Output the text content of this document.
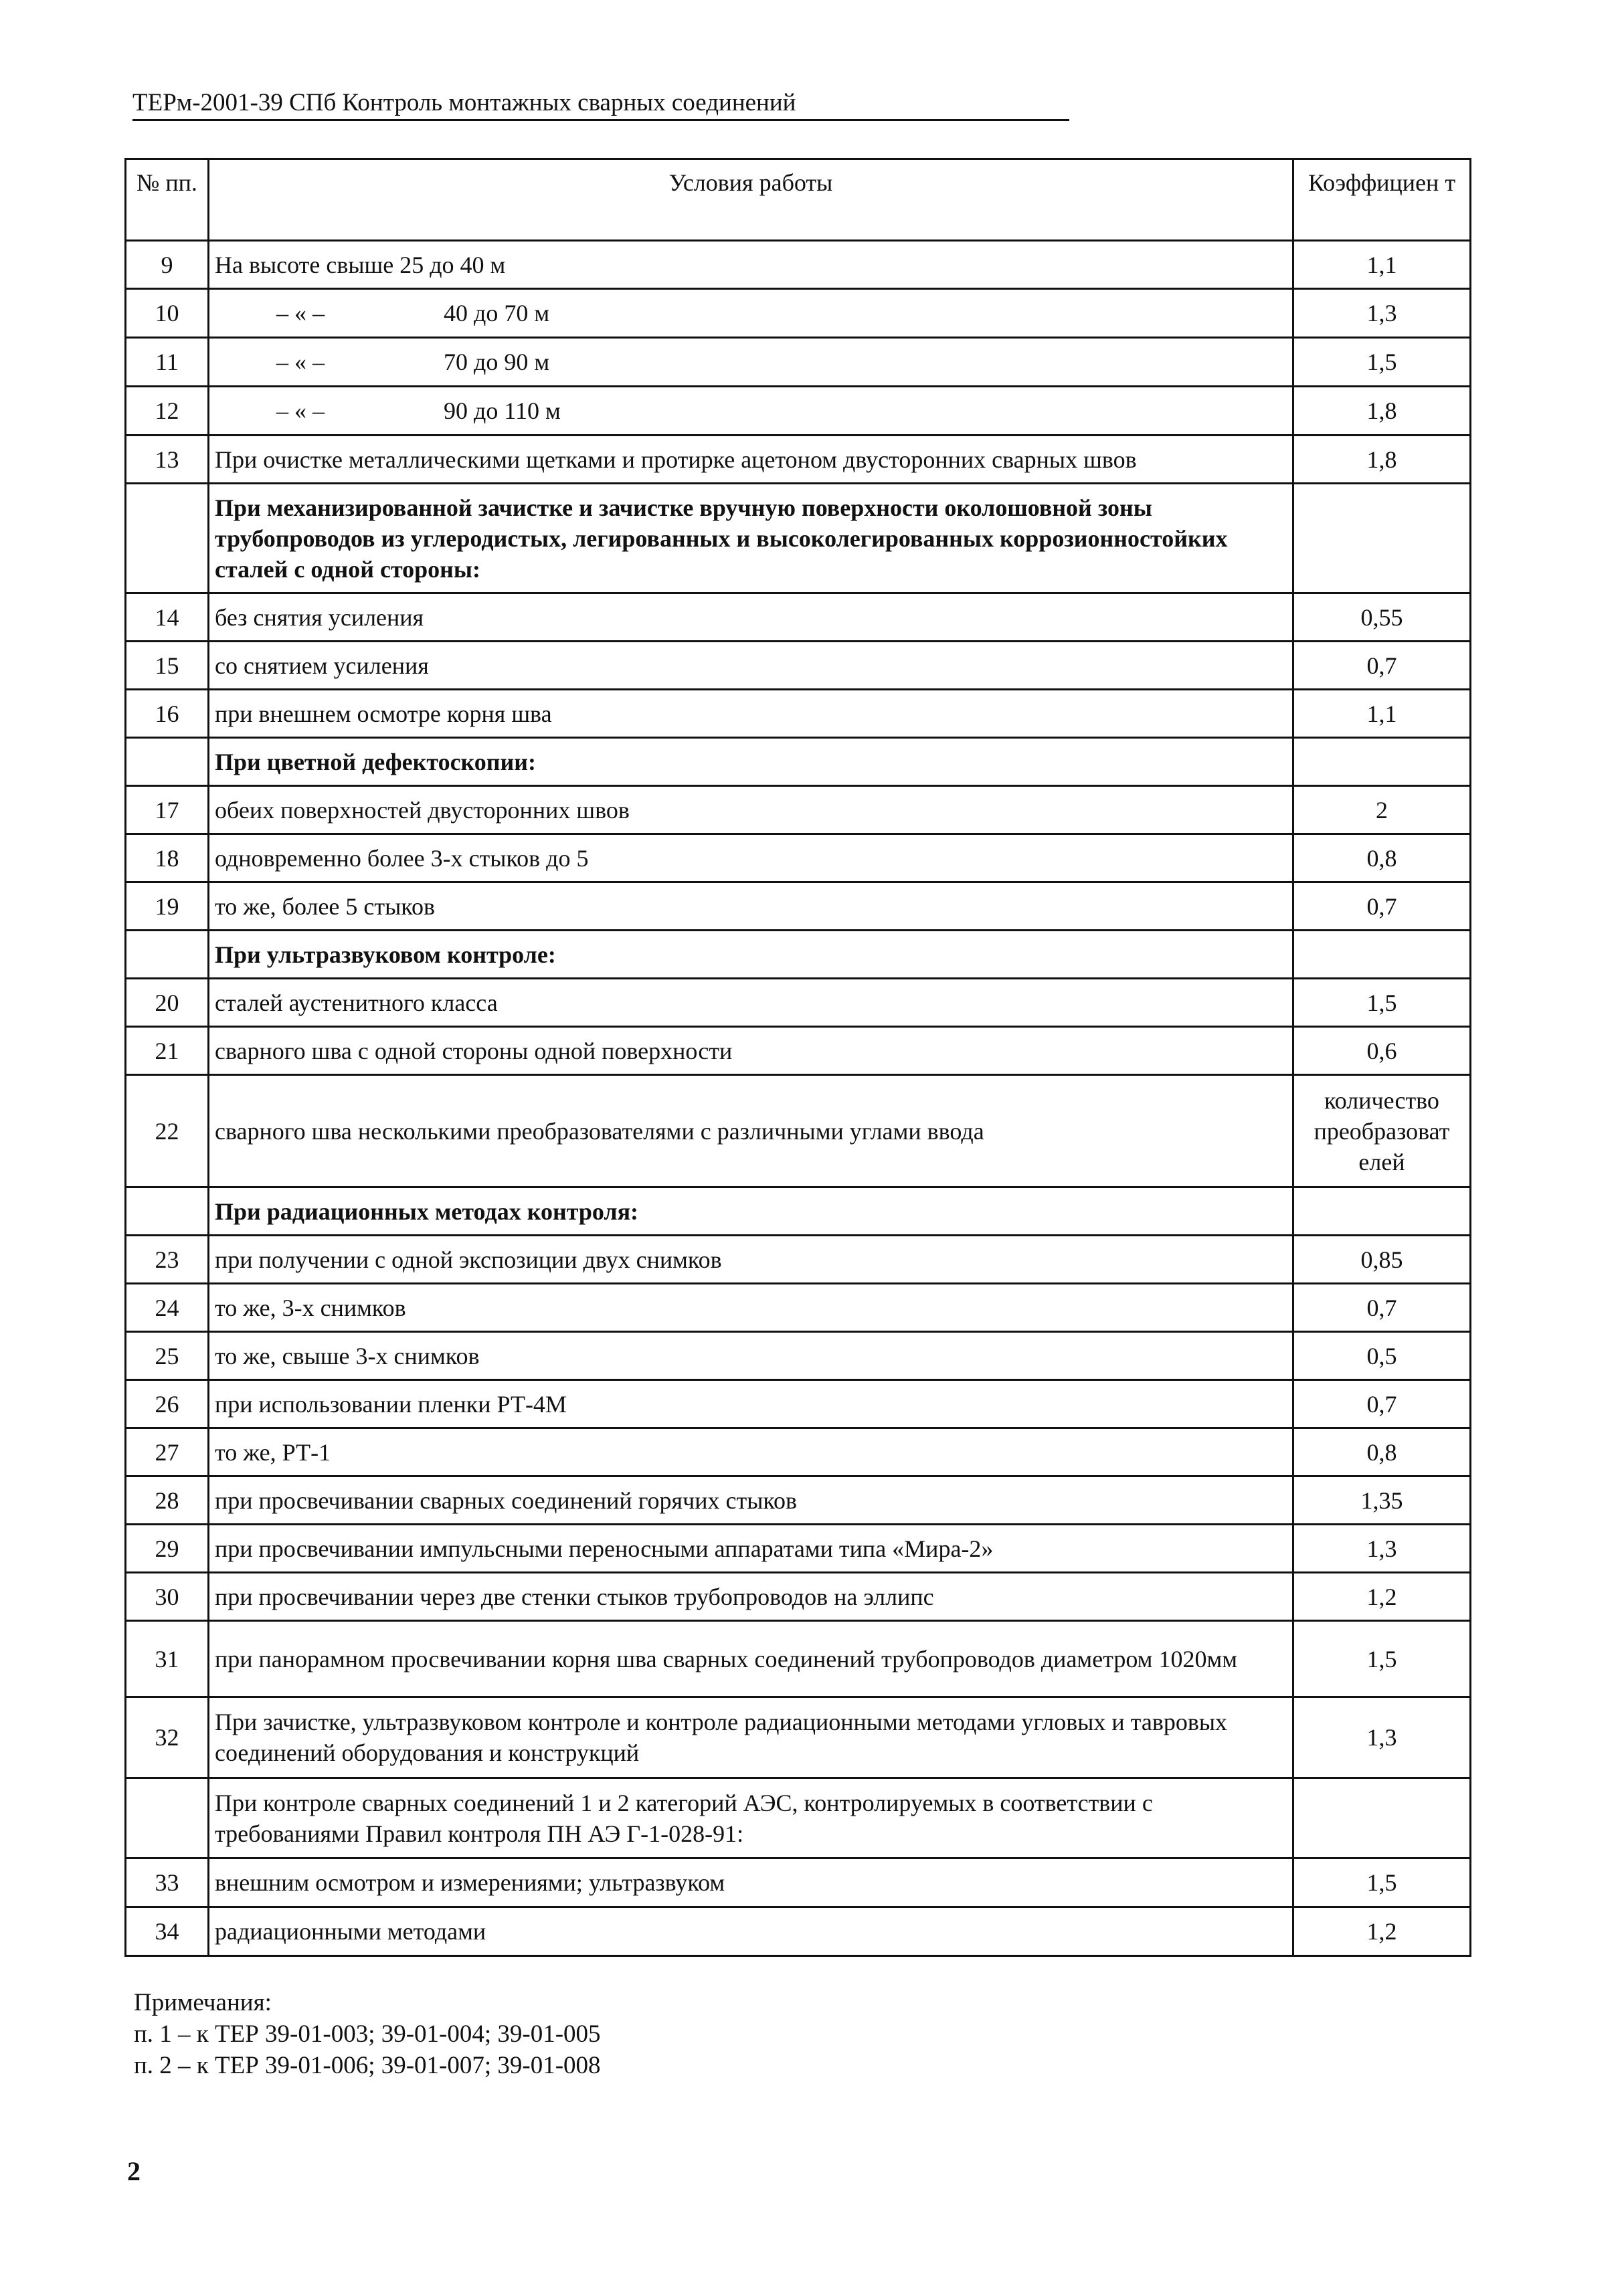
ТЕРм-2001-39 СПб Контроль монтажных сварных соединений
№ пп.	Условия работы	Коэффициен т
9	На высоте свыше 25 до 40 м	1,1
10	– « – 40 до 70 м	1,3
11	– « – 70 до 90 м	1,5
12	– « – 90 до 110 м	1,8
13	При очистке металлическими щетками и протирке ацетоном двусторонних сварных швов	1,8
	При механизированной зачистке и зачистке вручную поверхности околошовной зоны трубопроводов из углеродистых, легированных и высоколегированных коррозионностойких сталей с одной стороны:	
14	без снятия усиления	0,55
15	со снятием усиления	0,7
16	при внешнем осмотре корня шва	1,1
	При цветной дефектоскопии:	
17	обеих поверхностей двусторонних швов	2
18	одновременно более 3-х стыков до 5	0,8
19	то же, более 5 стыков	0,7
	При ультразвуковом контроле:	
20	сталей аустенитного класса	1,5
21	сварного шва с одной стороны одной поверхности	0,6
22	сварного шва несколькими преобразователями с различными углами ввода	количество преобразоват елей
	При радиационных методах контроля:	
23	при получении с одной экспозиции двух снимков	0,85
24	то же, 3-х снимков	0,7
25	то же, свыше 3-х снимков	0,5
26	при использовании пленки РТ-4М	0,7
27	то же, РТ-1	0,8
28	при просвечивании сварных соединений горячих стыков	1,35
29	при просвечивании импульсными переносными аппаратами типа «Мира-2»	1,3
30	при просвечивании через две стенки стыков трубопроводов на эллипс	1,2
31	при панорамном просвечивании корня шва сварных соединений трубопроводов диаметром 1020мм	1,5
32	При зачистке, ультразвуковом контроле и контроле радиационными методами угловых и тавровых соединений оборудования и конструкций	1,3
	При контроле сварных соединений 1 и 2 категорий АЭС, контролируемых в соответствии с требованиями Правил контроля ПН АЭ Г-1-028-91:	
33	внешним осмотром и измерениями; ультразвуком	1,5
34	радиационными методами	1,2
Примечания:
п. 1 – к ТЕР 39-01-003; 39-01-004; 39-01-005
п. 2 – к ТЕР 39-01-006; 39-01-007; 39-01-008
2
